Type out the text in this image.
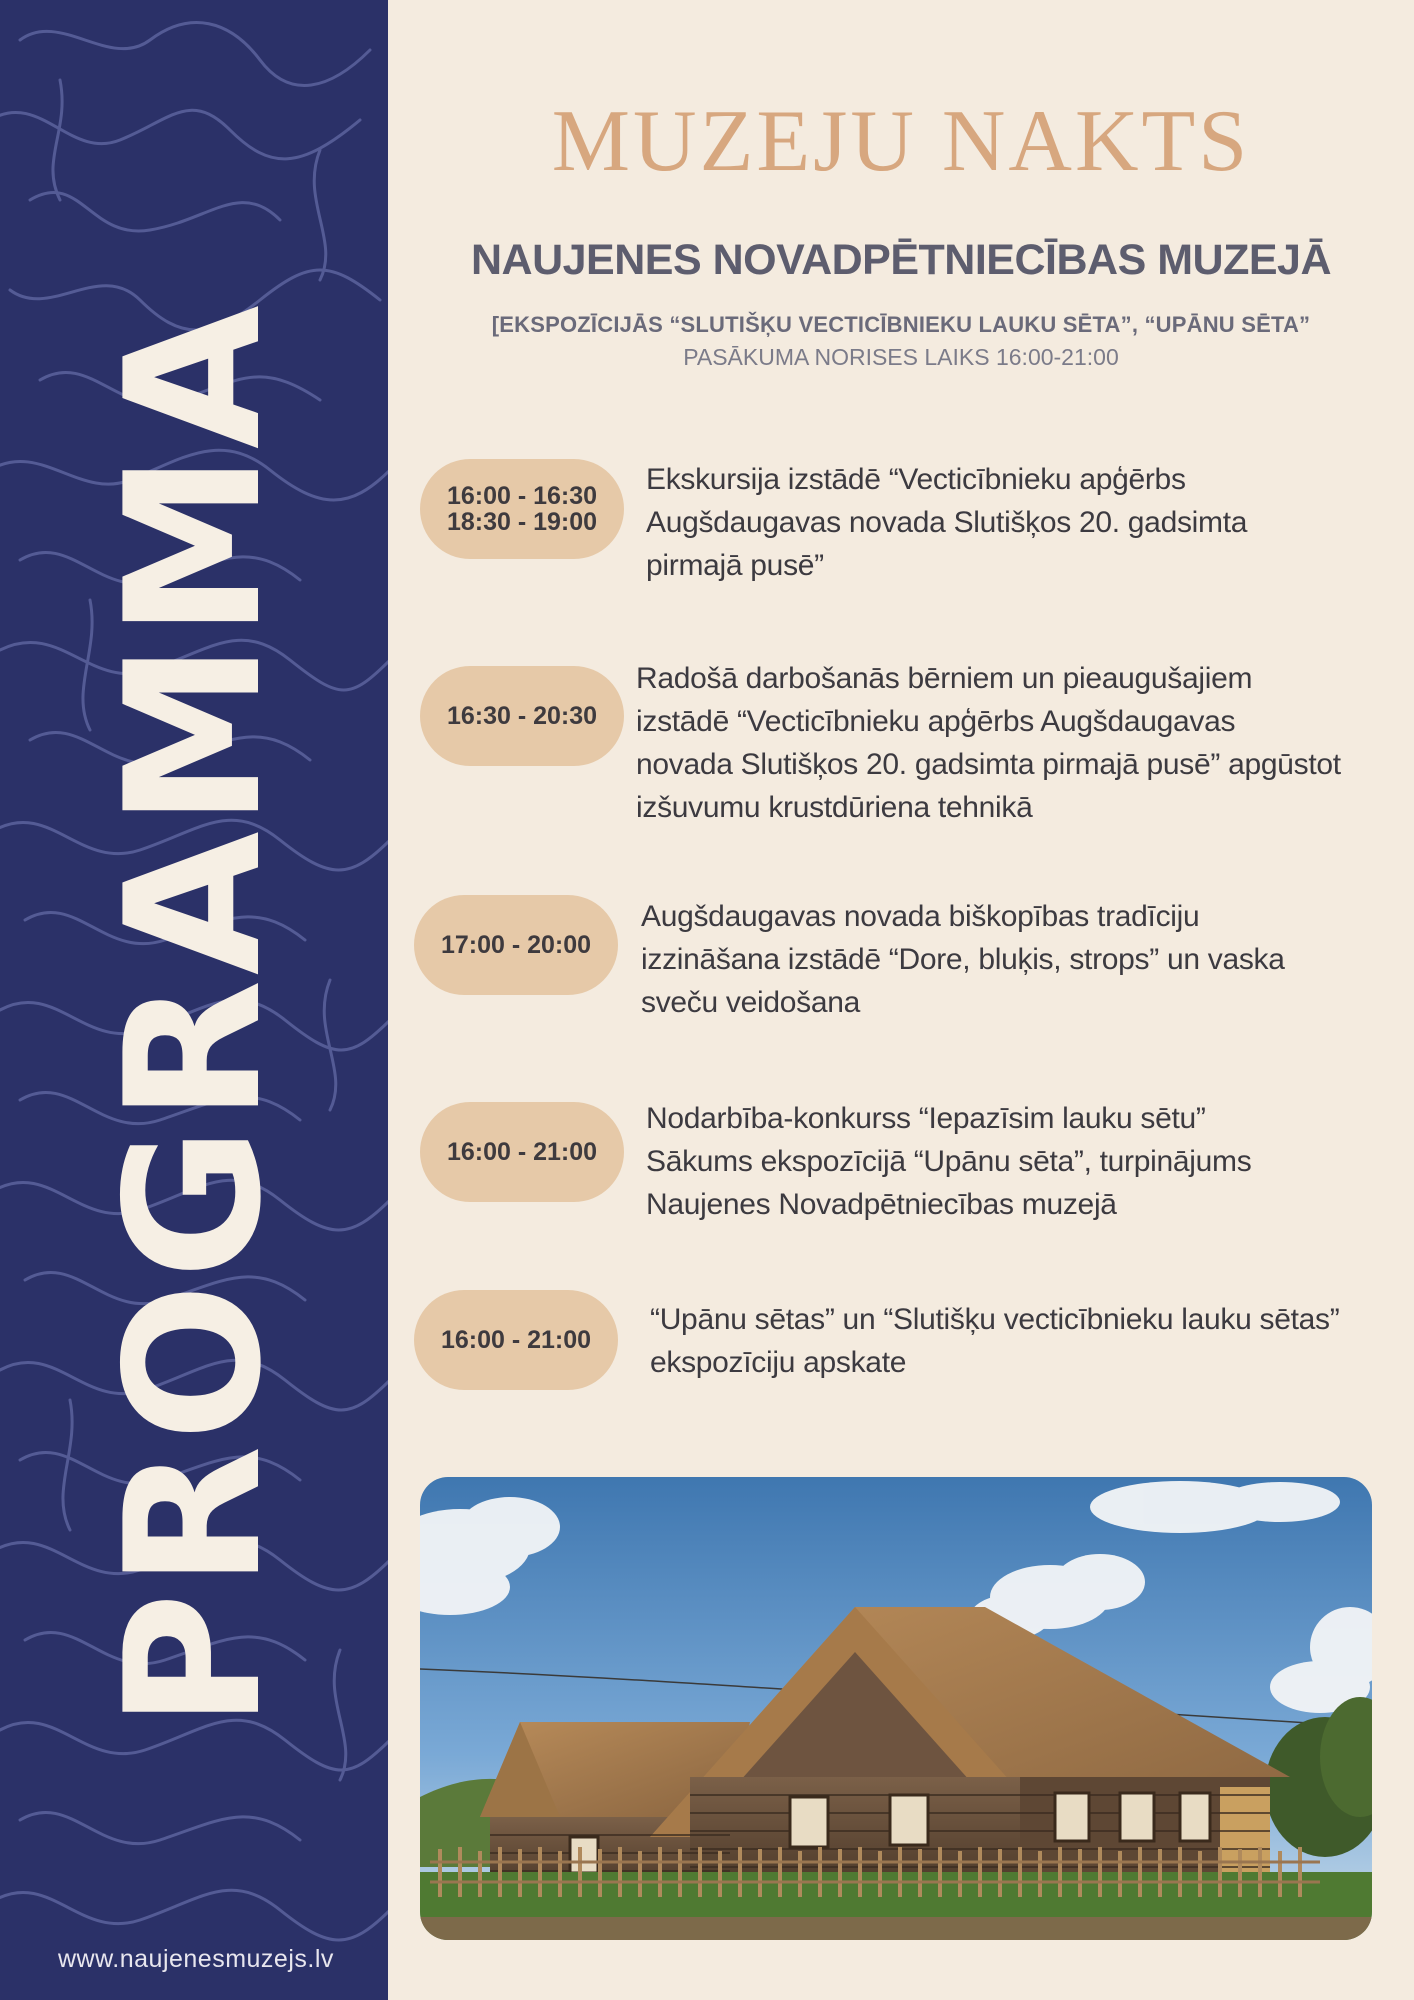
PROGRAMMA
www.naujenesmuzejs.lv
MUZEJU NAKTS
NAUJENES NOVADPĒTNIECĪBAS MUZEJĀ
[EKSPOZĪCIJĀS “SLUTIŠĶU VECTICĪBNIEKU LAUKU SĒTA”, “UPĀNU SĒTA”
PASĀKUMA NORISES LAIKS 16:00-21:00
16:00 - 16:30
18:30 - 19:00
Ekskursija izstādē “Vecticībnieku apģērbs
Augšdaugavas novada Slutišķos 20. gadsimta
pirmajā pusē”
16:30 - 20:30
Radošā darbošanās bērniem un pieaugušajiem
izstādē “Vecticībnieku apģērbs Augšdaugavas
novada Slutišķos 20. gadsimta pirmajā pusē” apgūstot
izšuvumu krustdūriena tehnikā
17:00 - 20:00
Augšdaugavas novada biškopības tradīciju
izzināšana izstādē “Dore, bluķis, strops” un vaska
sveču veidošana
16:00 - 21:00
Nodarbība-konkurss “Iepazīsim lauku sētu”
Sākums ekspozīcijā “Upānu sēta”, turpinājums
Naujenes Novadpētniecības muzejā
16:00 - 21:00
“Upānu sētas” un “Slutišķu vecticībnieku lauku sētas”
ekspozīciju apskate
